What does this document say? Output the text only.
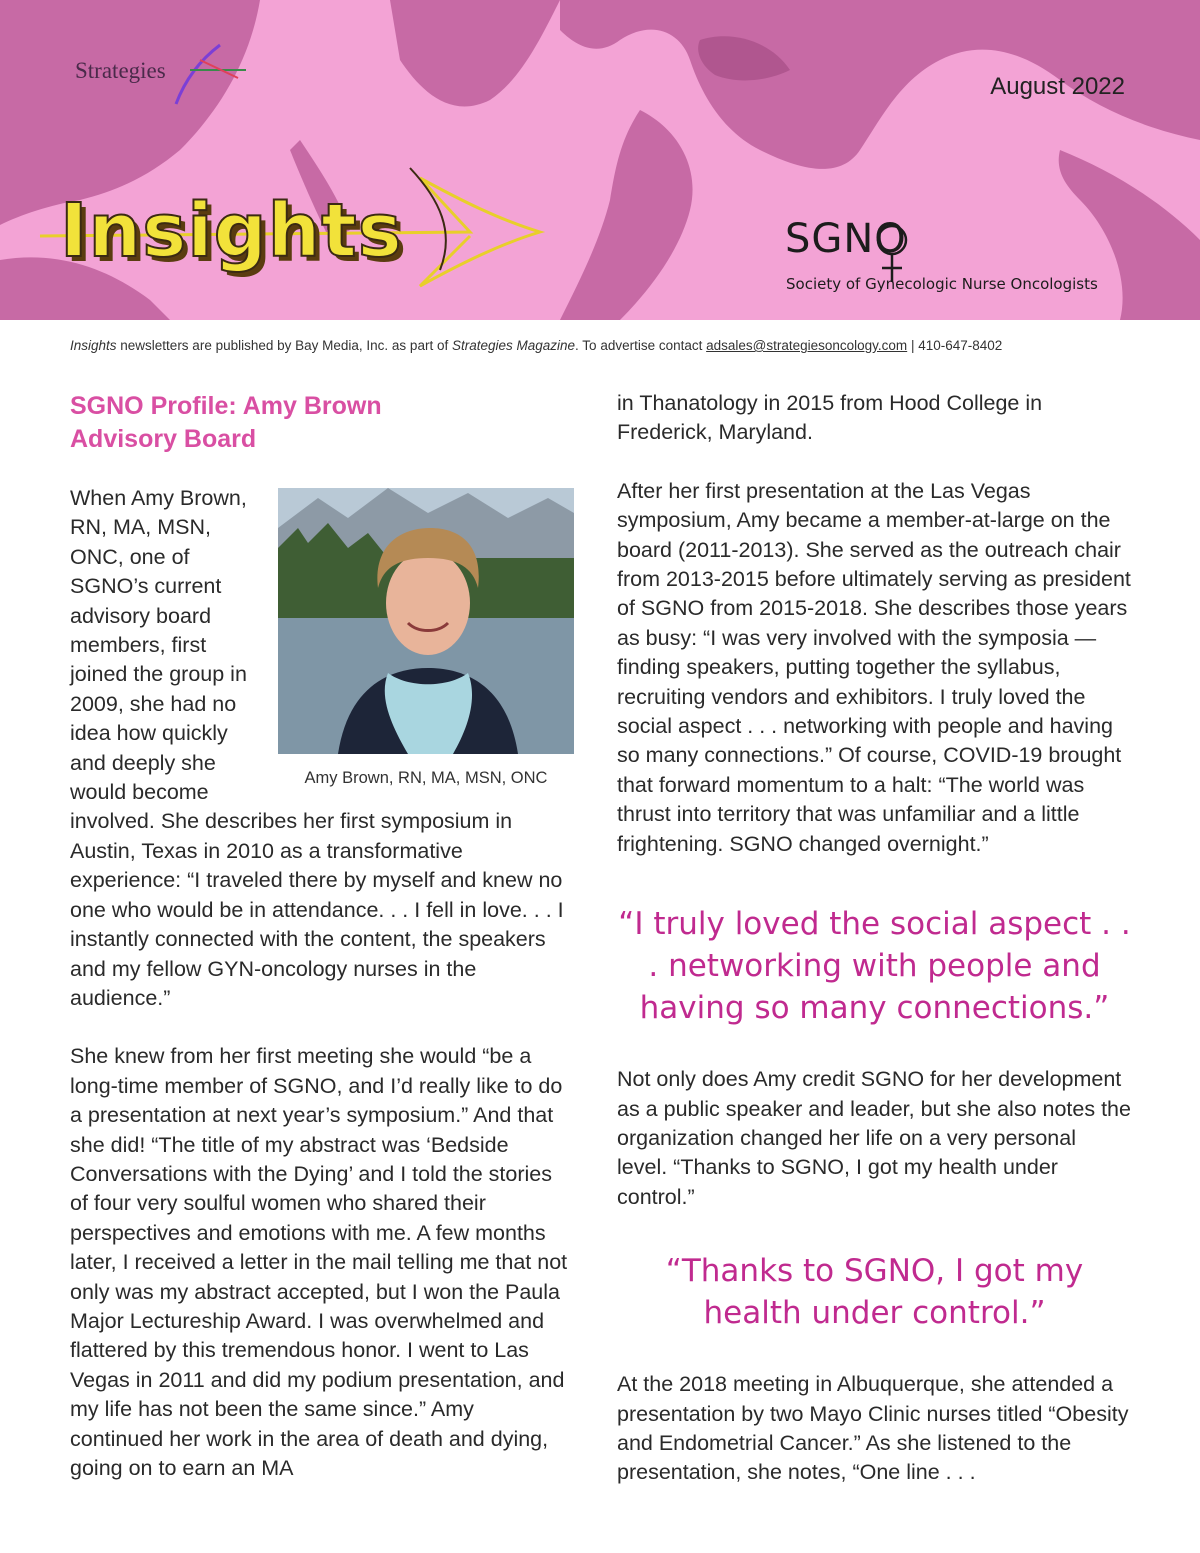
Strategies
August 2022
Insights	SGNO
Society of Gynecologic Nurse Oncologists
Insights newsletters are published by Bay Media, Inc. as part of Strategies Magazine. To advertise contact adsales@strategiesoncology.com | 410-647-8402
SGNO Profile: Amy Brown
Advisory Board
Amy Brown, RN, MA, MSN, ONC

When Amy Brown, RN, MA, MSN, ONC, one of SGNO’s current advisory board members, first joined the group in 2009, she had no idea how quickly and deeply she would become involved. She describes her first symposium in Austin, Texas in 2010 as a transformative experience: “I traveled there by myself and knew no one who would be in attendance. . . I fell in love. . . I instantly connected with the content, the speakers and my fellow GYN-oncology nurses in the audience.”

She knew from her first meeting she would “be a long-time member of SGNO, and I’d really like to do a presentation at next year’s symposium.” And that she did! “The title of my abstract was ‘Bedside Conversations with the Dying’ and I told the stories of four very soulful women who shared their perspectives and emotions with me. A few months later, I received a letter in the mail telling me that not only was my abstract accepted, but I won the Paula Major Lectureship Award. I was overwhelmed and flattered by this tremendous honor. I went to Las Vegas in 2011 and did my podium presentation, and my life has not been the same since.” Amy continued her work in the area of death and dying, going on to earn an MA

in Thanatology in 2015 from Hood College in Frederick, Maryland.

After her first presentation at the Las Vegas symposium, Amy became a member-at-large on the board (2011-2013). She served as the outreach chair from 2013-2015 before ultimately serving as president of SGNO from 2015-2018. She describes those years as busy: “I was very involved with the symposia — finding speakers, putting together the syllabus, recruiting vendors and exhibitors. I truly loved the social aspect . . . networking with people and having so many connections.” Of course, COVID-19 brought that forward momentum to a halt: “The world was thrust into territory that was unfamiliar and a little frightening. SGNO changed overnight.”

“I truly loved the social aspect . . . networking with people and having so many connections.”

Not only does Amy credit SGNO for her development as a public speaker and leader, but she also notes the organization changed her life on a very personal level. “Thanks to SGNO, I got my health under control.”

“Thanks to SGNO, I got my health under control.”

At the 2018 meeting in Albuquerque, she attended a presentation by two Mayo Clinic nurses titled “Obesity and Endometrial Cancer.” As she listened to the presentation, she notes, “One line . . .
